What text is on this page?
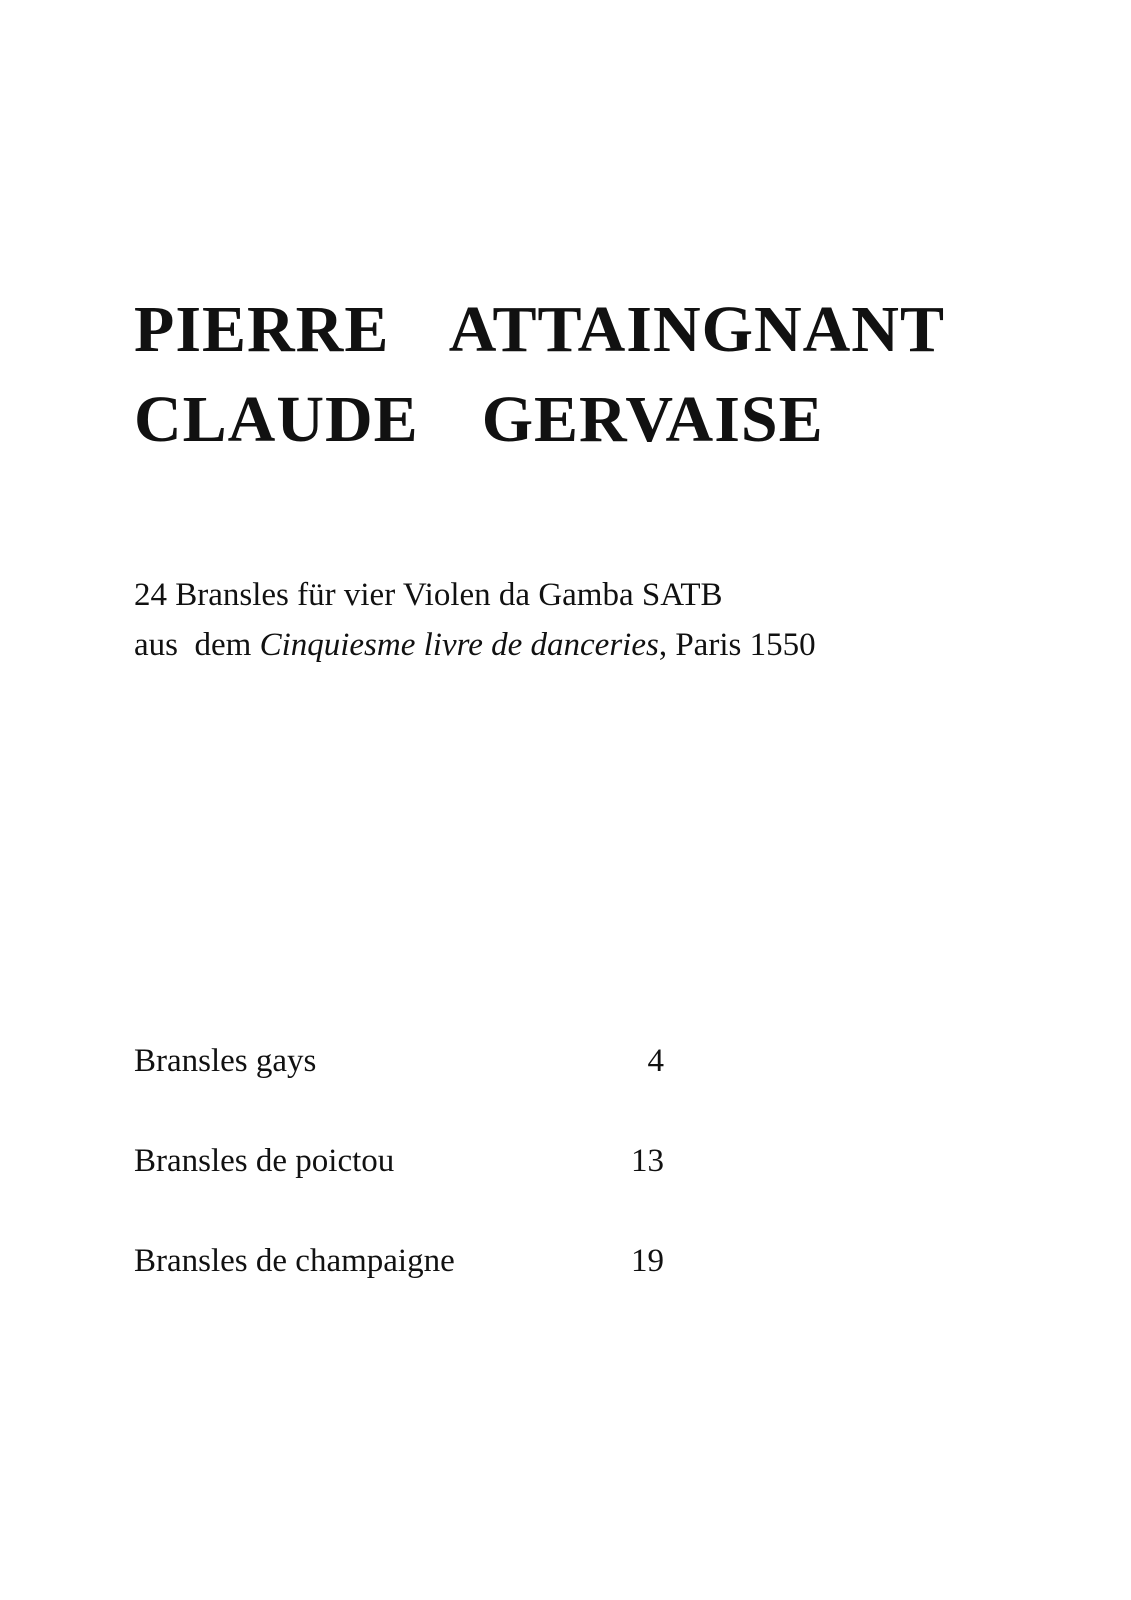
PIERRE  ATTAINGNANT

CLAUDE  GERVAISE

24 Bransles für vier Violen da Gamba SATB

aus  dem Cinquiesme livre de danceries, Paris 1550

Bransles gays	4
Bransles de poictou	13
Bransles de champaigne	19
